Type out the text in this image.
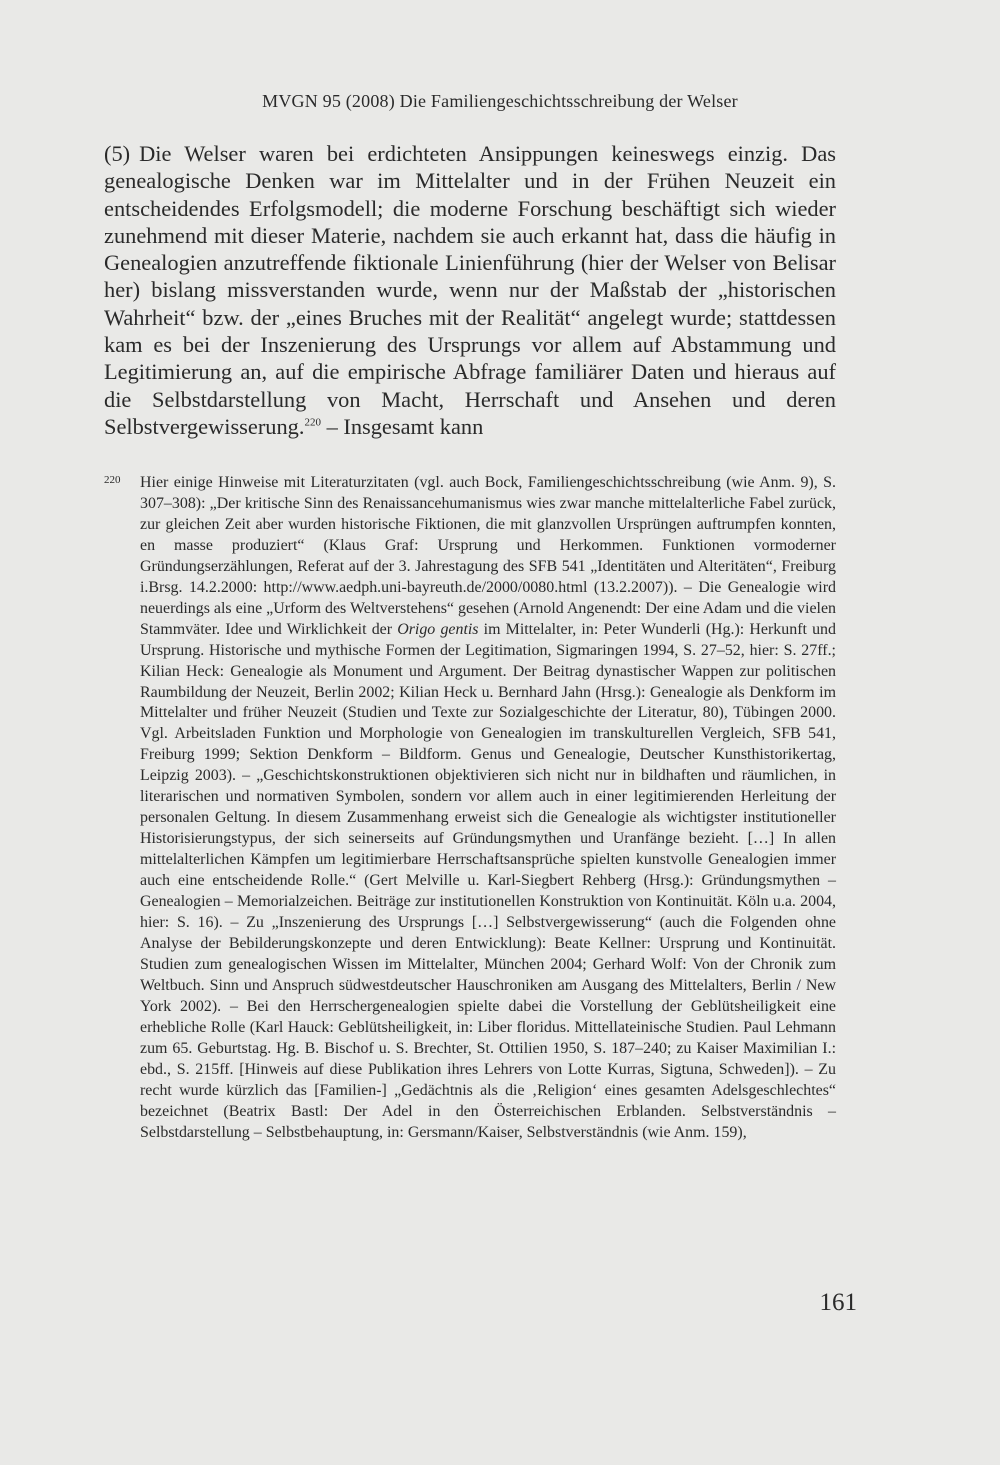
MVGN 95 (2008) Die Familiengeschichtsschreibung der Welser
(5) Die Welser waren bei erdichteten Ansippungen keineswegs einzig. Das genealogische Denken war im Mittelalter und in der Frühen Neuzeit ein entscheidendes Erfolgsmodell; die moderne Forschung beschäftigt sich wieder zunehmend mit dieser Materie, nachdem sie auch erkannt hat, dass die häufig in Genealogien anzutreffende fiktionale Linienführung (hier der Welser von Belisar her) bislang missverstanden wurde, wenn nur der Maßstab der „historischen Wahrheit“ bzw. der „eines Bruches mit der Realität“ angelegt wurde; stattdessen kam es bei der Inszenierung des Ursprungs vor allem auf Abstammung und Legitimierung an, auf die empirische Abfrage familiärer Daten und hieraus auf die Selbstdarstellung von Macht, Herrschaft und Ansehen und deren Selbstvergewisserung.$^{220}$ – Insgesamt kann
220 Hier einige Hinweise mit Literaturzitaten (vgl. auch Bock, Familiengeschichtsschreibung (wie Anm. 9), S. 307–308): „Der kritische Sinn des Renaissancehumanismus wies zwar manche mittelalterliche Fabel zurück, zur gleichen Zeit aber wurden historische Fiktionen, die mit glanzvollen Ursprüngen auftrumpfen konnten, en masse produziert“ (Klaus Graf: Ursprung und Herkommen. Funktionen vormoderner Gründungserzählungen, Referat auf der 3. Jahrestagung des SFB 541 „Identitäten und Alteritäten“, Freiburg i.Brsg. 14.2.2000: http://www.aedph.uni-bayreuth.de/2000/0080.html (13.2.2007)). – Die Genealogie wird neuerdings als eine „Urform des Weltverstehens“ gesehen (Arnold Angenendt: Der eine Adam und die vielen Stammväter. Idee und Wirklichkeit der Origo gentis im Mittelalter, in: Peter Wunderli (Hg.): Herkunft und Ursprung. Historische und mythische Formen der Legitimation, Sigmaringen 1994, S. 27–52, hier: S. 27ff.; Kilian Heck: Genealogie als Monument und Argument. Der Beitrag dynastischer Wappen zur politischen Raumbildung der Neuzeit, Berlin 2002; Kilian Heck u. Bernhard Jahn (Hrsg.): Genealogie als Denkform im Mittelalter und früher Neuzeit (Studien und Texte zur Sozialgeschichte der Literatur, 80), Tübingen 2000. Vgl. Arbeitsladen Funktion und Morphologie von Genealogien im transkulturellen Vergleich, SFB 541, Freiburg 1999; Sektion Denkform – Bildform. Genus und Genealogie, Deutscher Kunsthistorikertag, Leipzig 2003). – „Geschichtskonstruktionen objektivieren sich nicht nur in bildhaften und räumlichen, in literarischen und normativen Symbolen, sondern vor allem auch in einer legitimierenden Herleitung der personalen Geltung. In diesem Zusammenhang erweist sich die Genealogie als wichtigster institutioneller Historisierungstypus, der sich seinerseits auf Gründungsmythen und Uranfänge bezieht. […] In allen mittelalterlichen Kämpfen um legitimierbare Herrschaftsansprüche spielten kunstvolle Genealogien immer auch eine entscheidende Rolle.“ (Gert Melville u. Karl-Siegbert Rehberg (Hrsg.): Gründungsmythen – Genealogien – Memorialzeichen. Beiträge zur institutionellen Konstruktion von Kontinuität. Köln u.a. 2004, hier: S. 16). – Zu „Inszenierung des Ursprungs […] Selbstvergewisserung“ (auch die Folgenden ohne Analyse der Bebilderungskonzepte und deren Entwicklung): Beate Kellner: Ursprung und Kontinuität. Studien zum genealogischen Wissen im Mittelalter, München 2004; Gerhard Wolf: Von der Chronik zum Weltbuch. Sinn und Anspruch südwestdeutscher Hauschroniken am Ausgang des Mittelalters, Berlin / New York 2002). – Bei den Herrschergenealogien spielte dabei die Vorstellung der Geblütsheiligkeit eine erhebliche Rolle (Karl Hauck: Geblütsheiligkeit, in: Liber floridus. Mittellateinische Studien. Paul Lehmann zum 65. Geburtstag. Hg. B. Bischof u. S. Brechter, St. Ottilien 1950, S. 187–240; zu Kaiser Maximilian I.: ebd., S. 215ff. [Hinweis auf diese Publikation ihres Lehrers von Lotte Kurras, Sigtuna, Schweden]). – Zu recht wurde kürzlich das [Familien-] „Gedächtnis als die ‚Religion‘ eines gesamten Adelsgeschlechtes“ bezeichnet (Beatrix Bastl: Der Adel in den Österreichischen Erblanden. Selbstverständnis – Selbstdarstellung – Selbstbehauptung, in: Gersmann/Kaiser, Selbstverständnis (wie Anm. 159),
161
